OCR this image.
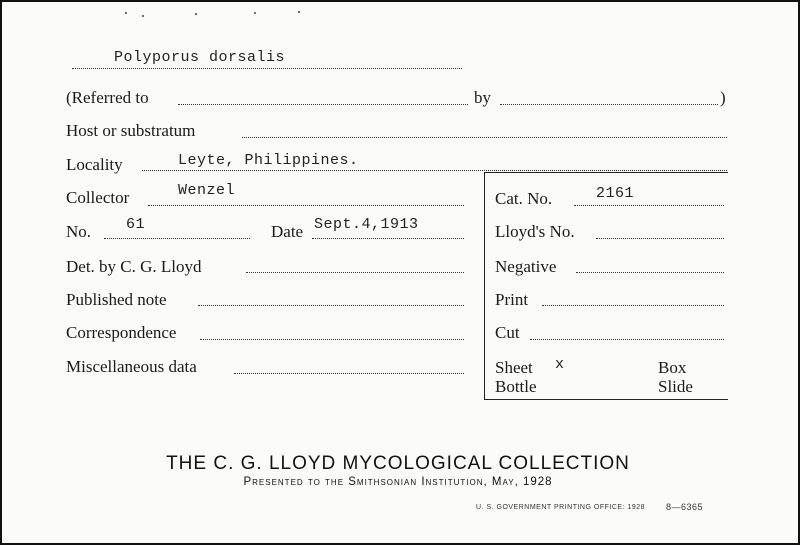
Polyporus dorsalis
(Referred to	by	)
Host or substratum
Locality	Leyte, Philippines.
Collector	Wenzel
No. 61	Date Sept.4,1913
Det. by C. G. Lloyd
Published note
Correspondence
Miscellaneous data
Cat. No.	2161
Lloyd's No.
Negative
Print
Cut
Sheet x	Box
Bottle	Slide
THE C. G. LLOYD MYCOLOGICAL COLLECTION
Presented to the Smithsonian Institution, May, 1928
U. S. GOVERNMENT PRINTING OFFICE: 1928 8—6365
